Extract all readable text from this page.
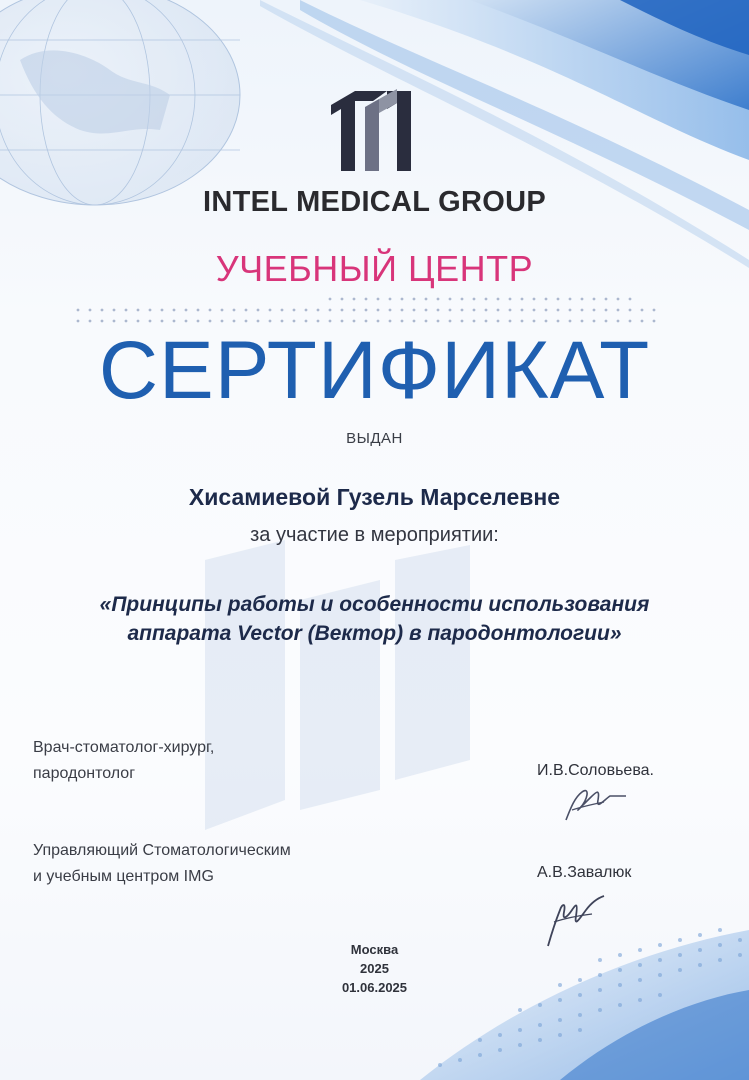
INTEL MEDICAL GROUP
УЧЕБНЫЙ ЦЕНТР
СЕРТИФИКАТ
ВЫДАН
Хисамиевой Гузель Марселевне
за участие в мероприятии:
«Принципы работы и особенности использования
аппарата Vector (Вектор) в пародонтологии»
Врач-стоматолог-хирург,
пародонтолог	И.В.Соловьева.
Управляющий Стоматологическим
и учебным центром IMG	А.В.Завалюк
Москва
2025
01.06.2025
